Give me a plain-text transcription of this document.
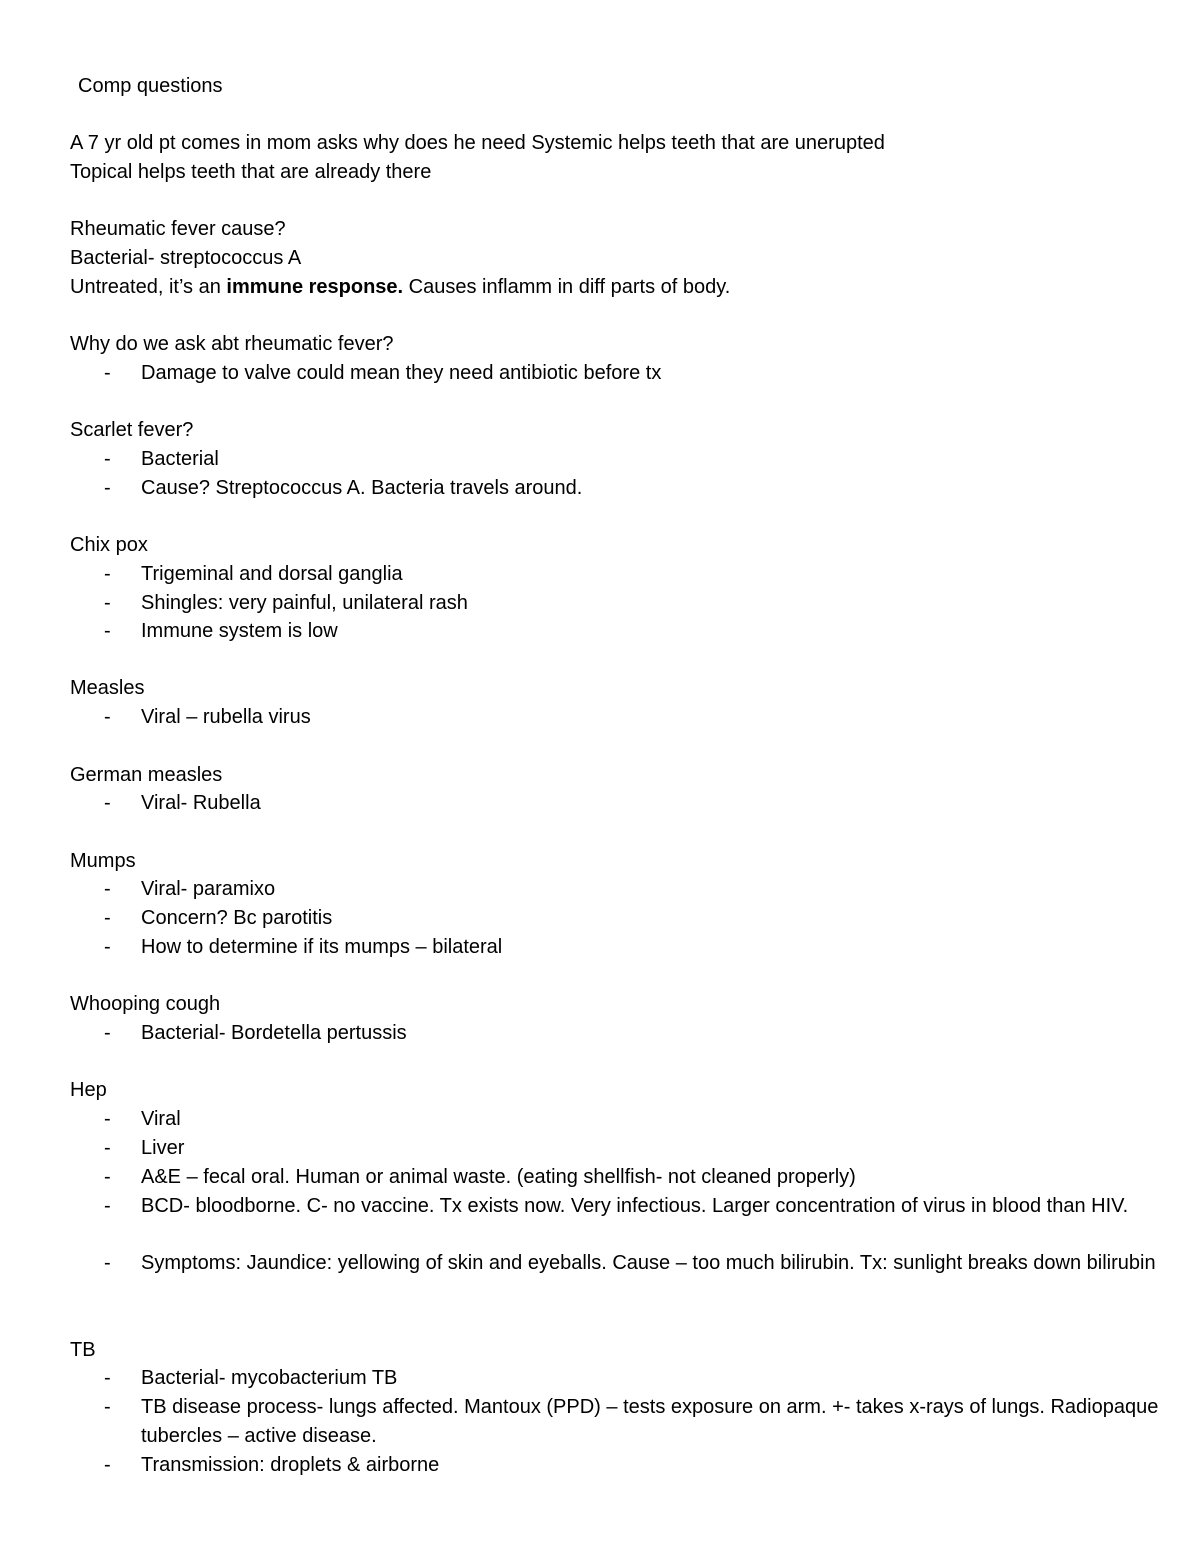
Comp questions
A 7 yr old pt comes in mom asks why does he need Systemic helps teeth that are unerupted
Topical helps teeth that are already there
Rheumatic fever cause?
Bacterial- streptococcus A
Untreated, it’s an immune response. Causes inflamm in diff parts of body.
Why do we ask abt rheumatic fever?
- Damage to valve could mean they need antibiotic before tx
Scarlet fever?
- Bacterial
- Cause? Streptococcus A. Bacteria travels around.
Chix pox
- Trigeminal and dorsal ganglia
- Shingles: very painful, unilateral rash
- Immune system is low
Measles
- Viral – rubella virus
German measles
- Viral- Rubella
Mumps
- Viral- paramixo
- Concern? Bc parotitis
- How to determine if its mumps – bilateral
Whooping cough
- Bacterial- Bordetella pertussis
Hep
- Viral
- Liver
- A&E – fecal oral. Human or animal waste. (eating shellfish- not cleaned properly)
- BCD- bloodborne. C- no vaccine. Tx exists now. Very infectious. Larger concentration of virus in blood than HIV.
- Symptoms: Jaundice: yellowing of skin and eyeballs. Cause – too much bilirubin. Tx: sunlight breaks down bilirubin
TB
- Bacterial- mycobacterium TB
- TB disease process- lungs affected. Mantoux (PPD) – tests exposure on arm. +- takes x-rays of lungs. Radiopaque tubercles – active disease.
- Transmission: droplets & airborne
